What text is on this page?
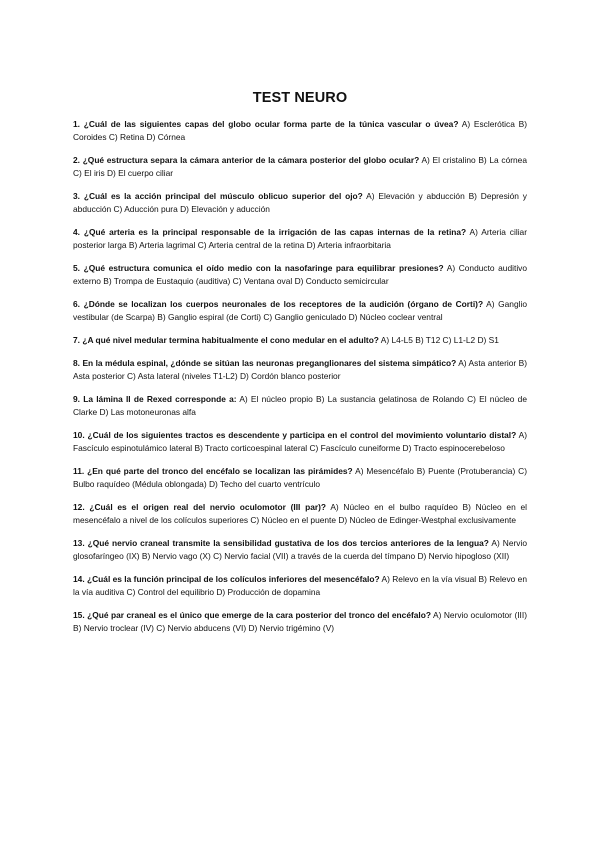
TEST NEURO

1. ¿Cuál de las siguientes capas del globo ocular forma parte de la túnica vascular o úvea? A) Esclerótica B) Coroides C) Retina D) Córnea

2. ¿Qué estructura separa la cámara anterior de la cámara posterior del globo ocular? A) El cristalino B) La córnea C) El iris D) El cuerpo ciliar

3. ¿Cuál es la acción principal del músculo oblicuo superior del ojo? A) Elevación y abducción B) Depresión y abducción C) Aducción pura D) Elevación y aducción

4. ¿Qué arteria es la principal responsable de la irrigación de las capas internas de la retina? A) Arteria ciliar posterior larga B) Arteria lagrimal C) Arteria central de la retina D) Arteria infraorbitaria

5. ¿Qué estructura comunica el oído medio con la nasofaringe para equilibrar presiones? A) Conducto auditivo externo B) Trompa de Eustaquio (auditiva) C) Ventana oval D) Conducto semicircular

6. ¿Dónde se localizan los cuerpos neuronales de los receptores de la audición (órgano de Corti)? A) Ganglio vestibular (de Scarpa) B) Ganglio espiral (de Corti) C) Ganglio geniculado D) Núcleo coclear ventral

7. ¿A qué nivel medular termina habitualmente el cono medular en el adulto? A) L4-L5 B) T12 C) L1-L2 D) S1

8. En la médula espinal, ¿dónde se sitúan las neuronas preganglionares del sistema simpático? A) Asta anterior B) Asta posterior C) Asta lateral (niveles T1-L2) D) Cordón blanco posterior

9. La lámina II de Rexed corresponde a: A) El núcleo propio B) La sustancia gelatinosa de Rolando C) El núcleo de Clarke D) Las motoneuronas alfa

10. ¿Cuál de los siguientes tractos es descendente y participa en el control del movimiento voluntario distal? A) Fascículo espinotulámico lateral B) Tracto corticoespinal lateral C) Fascículo cuneiforme D) Tracto espinocerebeloso

11. ¿En qué parte del tronco del encéfalo se localizan las pirámides? A) Mesencéfalo B) Puente (Protuberancia) C) Bulbo raquídeo (Médula oblongada) D) Techo del cuarto ventrículo

12. ¿Cuál es el origen real del nervio oculomotor (III par)? A) Núcleo en el bulbo raquídeo B) Núcleo en el mesencéfalo a nivel de los colículos superiores C) Núcleo en el puente D) Núcleo de Edinger-Westphal exclusivamente

13. ¿Qué nervio craneal transmite la sensibilidad gustativa de los dos tercios anteriores de la lengua? A) Nervio glosofaríngeo (IX) B) Nervio vago (X) C) Nervio facial (VII) a través de la cuerda del tímpano D) Nervio hipogloso (XII)

14. ¿Cuál es la función principal de los colículos inferiores del mesencéfalo? A) Relevo en la vía visual B) Relevo en la vía auditiva C) Control del equilibrio D) Producción de dopamina

15. ¿Qué par craneal es el único que emerge de la cara posterior del tronco del encéfalo? A) Nervio oculomotor (III) B) Nervio troclear (IV) C) Nervio abducens (VI) D) Nervio trigémino (V)
